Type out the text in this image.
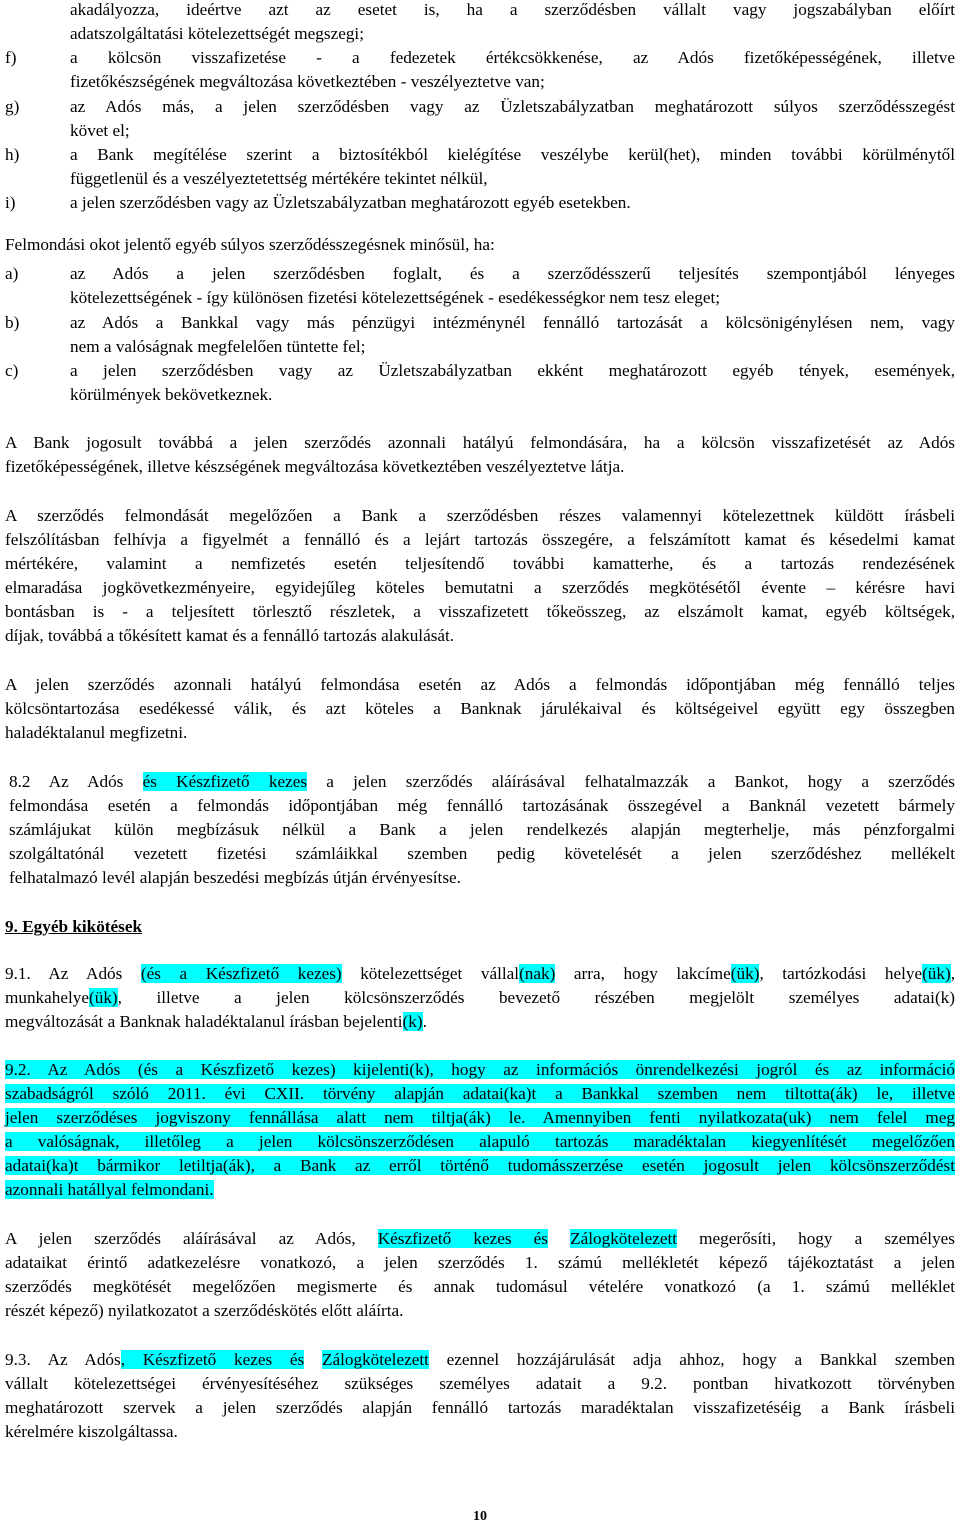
akadályozza, ideértve azt az esetet is, ha a szerződésben vállalt vagy jogszabályban előírt
adatszolgáltatási kötelezettségét megszegi;
f)	a kölcsön visszafizetése - a fedezetek értékcsökkenése, az Adós fizetőképességének, illetve
fizetőkészségének megváltozása következtében - veszélyeztetve van;
g)	az Adós más, a jelen szerződésben vagy az Üzletszabályzatban meghatározott súlyos szerződésszegést
követ el;
h)	a Bank megítélése szerint a biztosítékból kielégítése veszélybe kerül(het), minden további körülménytől
függetlenül és a veszélyeztetettség mértékére tekintet nélkül,
i)	a jelen szerződésben vagy az Üzletszabályzatban meghatározott egyéb esetekben.
Felmondási okot jelentő egyéb súlyos szerződésszegésnek minősül, ha:
a)	az Adós a jelen szerződésben foglalt, és a szerződésszerű teljesítés szempontjából lényeges
kötelezettségének - így különösen fizetési kötelezettségének - esedékességkor nem tesz eleget;
b)	az Adós a Bankkal vagy más pénzügyi intézménynél fennálló tartozását a kölcsönigénylésen nem, vagy
nem a valóságnak megfelelően tüntette fel;
c)	a jelen szerződésben vagy az Üzletszabályzatban ekként meghatározott egyéb tények, események,
körülmények bekövetkeznek.
A Bank jogosult továbbá a jelen szerződés azonnali hatályú felmondására, ha a kölcsön visszafizetését az Adós
fizetőképességének, illetve készségének megváltozása következtében veszélyeztetve látja.
A szerződés felmondását megelőzően a Bank a szerződésben részes valamennyi kötelezettnek küldött írásbeli
felszólításban felhívja a figyelmét a fennálló és a lejárt tartozás összegére, a felszámított kamat és késedelmi kamat
mértékére, valamint a nemfizetés esetén teljesítendő további kamatterhe, és a tartozás rendezésének
elmaradása jogkövetkezményeire, egyidejűleg köteles bemutatni a szerződés megkötésétől évente – kérésre havi
bontásban is - a teljesített törlesztő részletek, a visszafizetett tőkeösszeg, az elszámolt kamat, egyéb költségek,
díjak, továbbá a tőkésített kamat és a fennálló tartozás alakulását.
A jelen szerződés azonnali hatályú felmondása esetén az Adós a felmondás időpontjában még fennálló teljes
kölcsöntartozása esedékessé válik, és azt köteles a Banknak járulékaival és költségeivel együtt egy összegben
haladéktalanul megfizetni.
8.2 Az Adós és Készfizető kezes a jelen szerződés aláírásával felhatalmazzák a Bankot, hogy a szerződés
felmondása esetén a felmondás időpontjában még fennálló tartozásának összegével a Banknál vezetett bármely
számlájukat külön megbízásuk nélkül a Bank a jelen rendelkezés alapján megterhelje, más pénzforgalmi
szolgáltatónál vezetett fizetési számláikkal szemben pedig követelését a jelen szerződéshez mellékelt
felhatalmazó levél alapján beszedési megbízás útján érvényesítse.
9. Egyéb kikötések
9.1. Az Adós (és a Készfizető kezes) kötelezettséget vállal(nak) arra, hogy lakcíme(ük), tartózkodási helye(ük),
munkahelye(ük), illetve a jelen kölcsönszerződés bevezető részében megjelölt személyes adatai(k)
megváltozását a Banknak haladéktalanul írásban bejelenti(k).
9.2. Az Adós (és a Készfizető kezes) kijelenti(k), hogy az információs önrendelkezési jogról és az információ
szabadságról szóló 2011. évi CXII. törvény alapján adatai(ka)t a Bankkal szemben nem tiltotta(ák) le, illetve
jelen szerződéses jogviszony fennállása alatt nem tiltja(ák) le. Amennyiben fenti nyilatkozata(uk) nem felel meg
a valóságnak, illetőleg a jelen kölcsönszerződésen alapuló tartozás maradéktalan kiegyenlítését megelőzően
adatai(ka)t bármikor letiltja(ák), a Bank az erről történő tudomásszerzése esetén jogosult jelen kölcsönszerződést
azonnali hatállyal felmondani.
A jelen szerződés aláírásával az Adós, Készfizető kezes és Zálogkötelezett megerősíti, hogy a személyes
adataikat érintő adatkezelésre vonatkozó, a jelen szerződés 1. számú mellékletét képező tájékoztatást a jelen
szerződés megkötését megelőzően megismerte és annak tudomásul vételére vonatkozó (a 1. számú melléklet
részét képező) nyilatkozatot a szerződéskötés előtt aláírta.
9.3. Az Adós, Készfizető kezes és Zálogkötelezett ezennel hozzájárulását adja ahhoz, hogy a Bankkal szemben
vállalt kötelezettségei érvényesítéséhez szükséges személyes adatait a 9.2. pontban hivatkozott törvényben
meghatározott szervek a jelen szerződés alapján fennálló tartozás maradéktalan visszafizetéséig a Bank írásbeli
kérelmére kiszolgáltassa.
10
